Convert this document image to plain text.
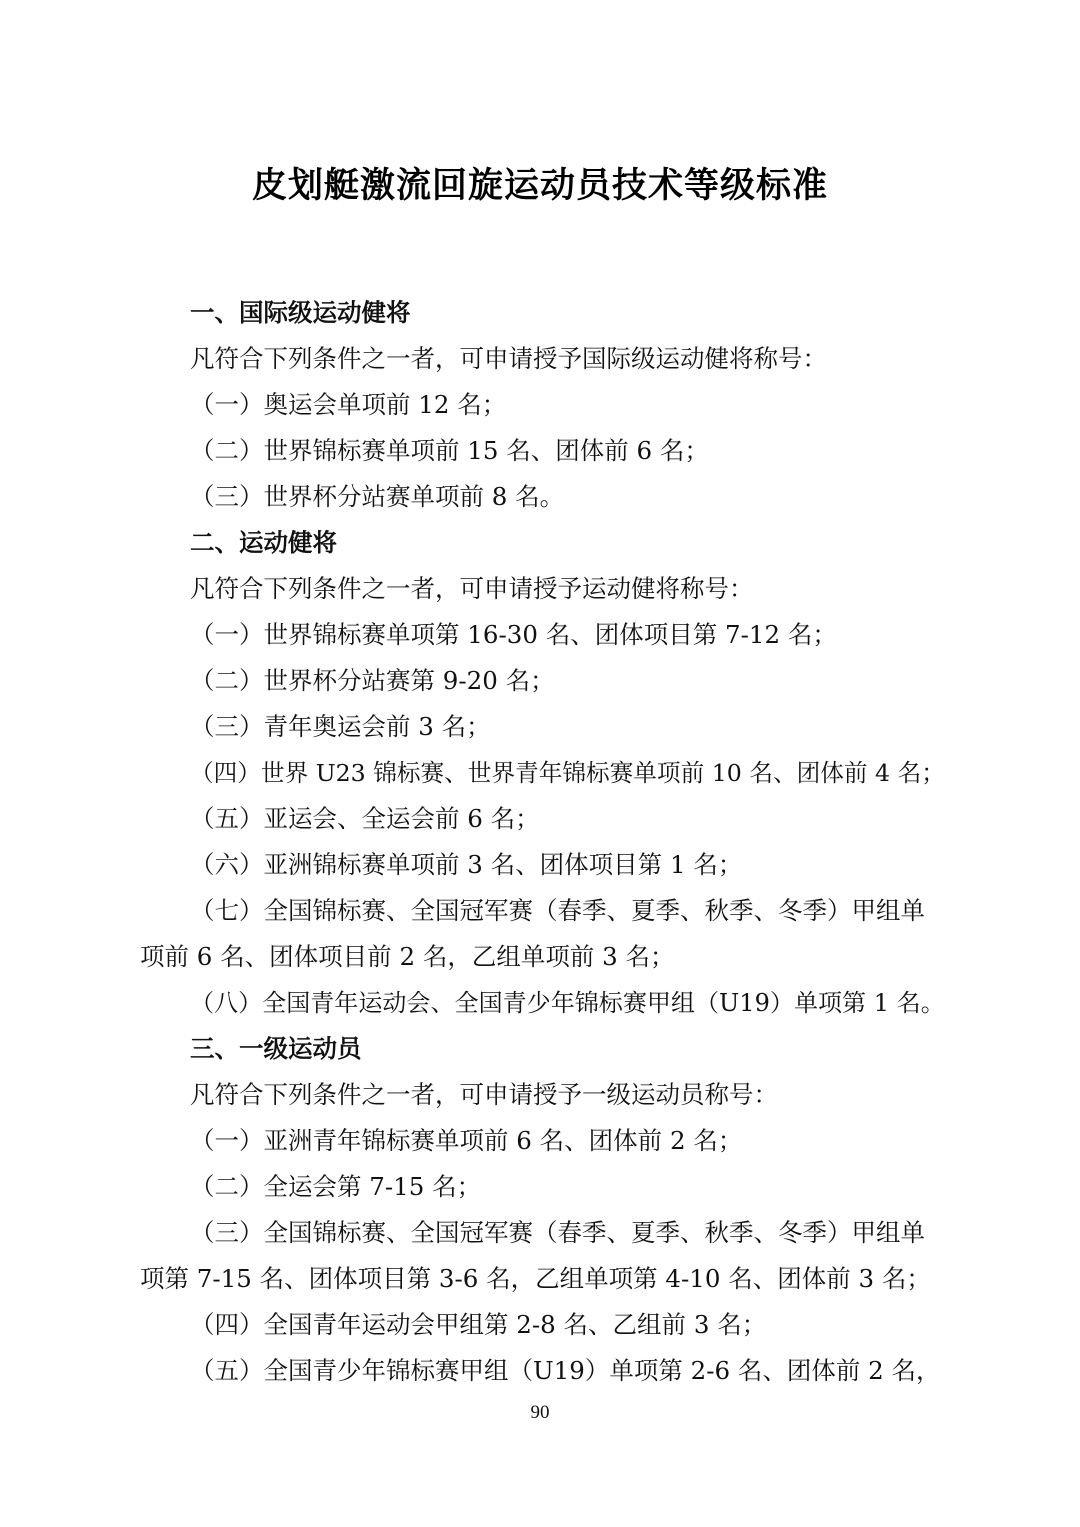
皮划艇激流回旋运动员技术等级标准
一、国际级运动健将
凡符合下列条件之一者，可申请授予国际级运动健将称号：
（一）奥运会单项前 12 名；
（二）世界锦标赛单项前 15 名、团体前 6 名；
（三）世界杯分站赛单项前 8 名。
二、运动健将
凡符合下列条件之一者，可申请授予运动健将称号：
（一）世界锦标赛单项第 16-30 名、团体项目第 7-12 名；
（二）世界杯分站赛第 9-20 名；
（三）青年奥运会前 3 名；
（四）世界 U23 锦标赛、世界青年锦标赛单项前 10 名、团体前 4 名；
（五）亚运会、全运会前 6 名；
（六）亚洲锦标赛单项前 3 名、团体项目第 1 名；
（七）全国锦标赛、全国冠军赛（春季、夏季、秋季、冬季）甲组单
项前 6 名、团体项目前 2 名，乙组单项前 3 名；
（八）全国青年运动会、全国青少年锦标赛甲组（U19）单项第 1 名。
三、一级运动员
凡符合下列条件之一者，可申请授予一级运动员称号：
（一）亚洲青年锦标赛单项前 6 名、团体前 2 名；
（二）全运会第 7-15 名；
（三）全国锦标赛、全国冠军赛（春季、夏季、秋季、冬季）甲组单
项第 7-15 名、团体项目第 3-6 名，乙组单项第 4-10 名、团体前 3 名；
（四）全国青年运动会甲组第 2-8 名、乙组前 3 名；
（五）全国青少年锦标赛甲组（U19）单项第 2-6 名、团体前 2 名，
90
